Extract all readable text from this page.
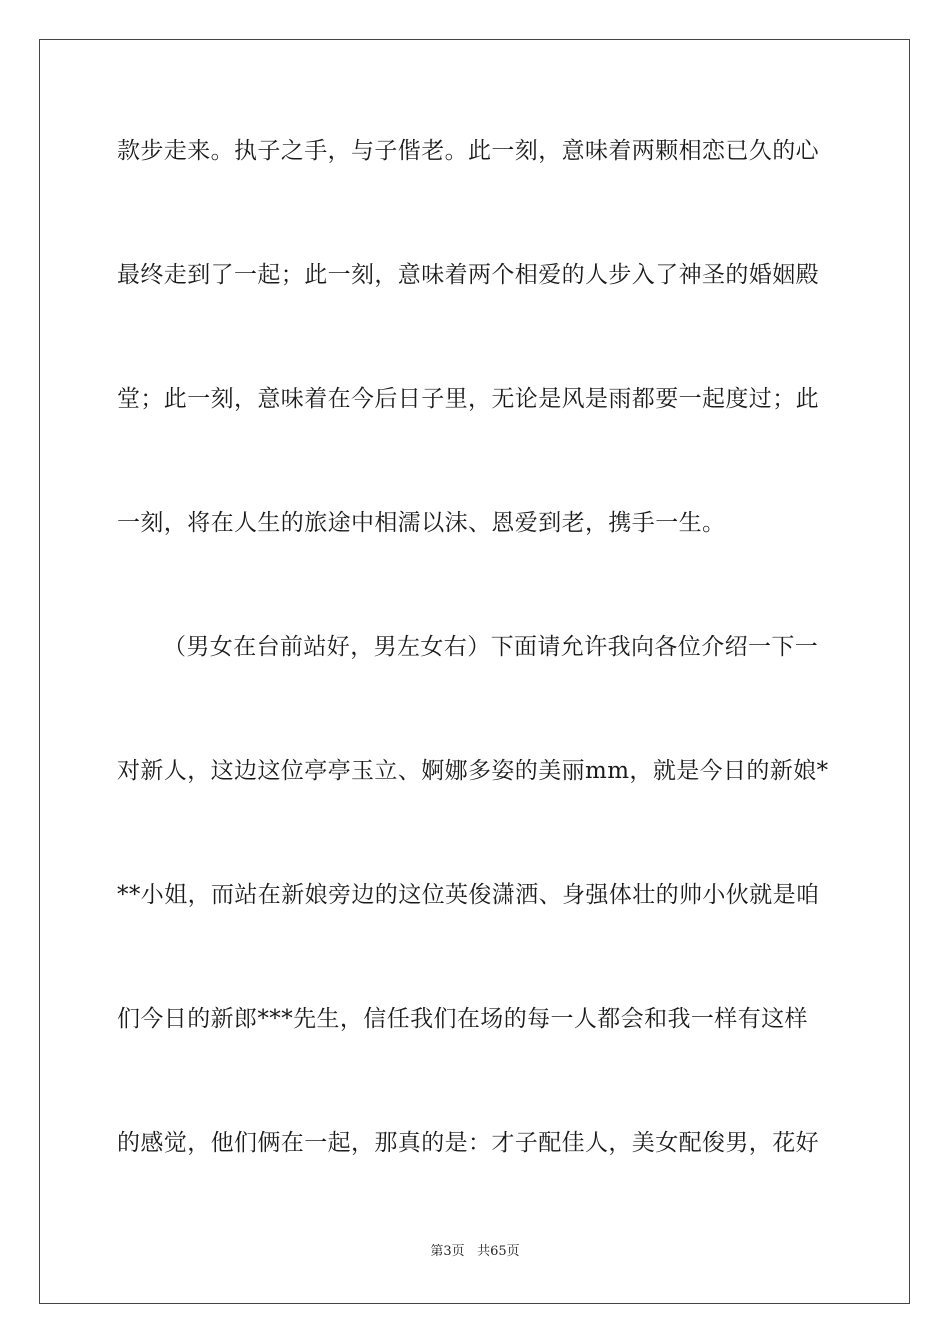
款步走来。执子之手，与子偕老。此一刻，意味着两颗相恋已久的心
最终走到了一起；此一刻，意味着两个相爱的人步入了神圣的婚姻殿
堂；此一刻，意味着在今后日子里，无论是风是雨都要一起度过；此
一刻，将在人生的旅途中相濡以沫、恩爱到老，携手一生。
（男女在台前站好，男左女右）下面请允许我向各位介绍一下一
对新人，这边这位亭亭玉立、婀娜多姿的美丽mm，就是今日的新娘*
**小姐，而站在新娘旁边的这位英俊潇洒、身强体壮的帅小伙就是咱
们今日的新郎***先生，信任我们在场的每一人都会和我一样有这样
的感觉，他们俩在一起，那真的是：才子配佳人，美女配俊男，花好
第3页 共65页
